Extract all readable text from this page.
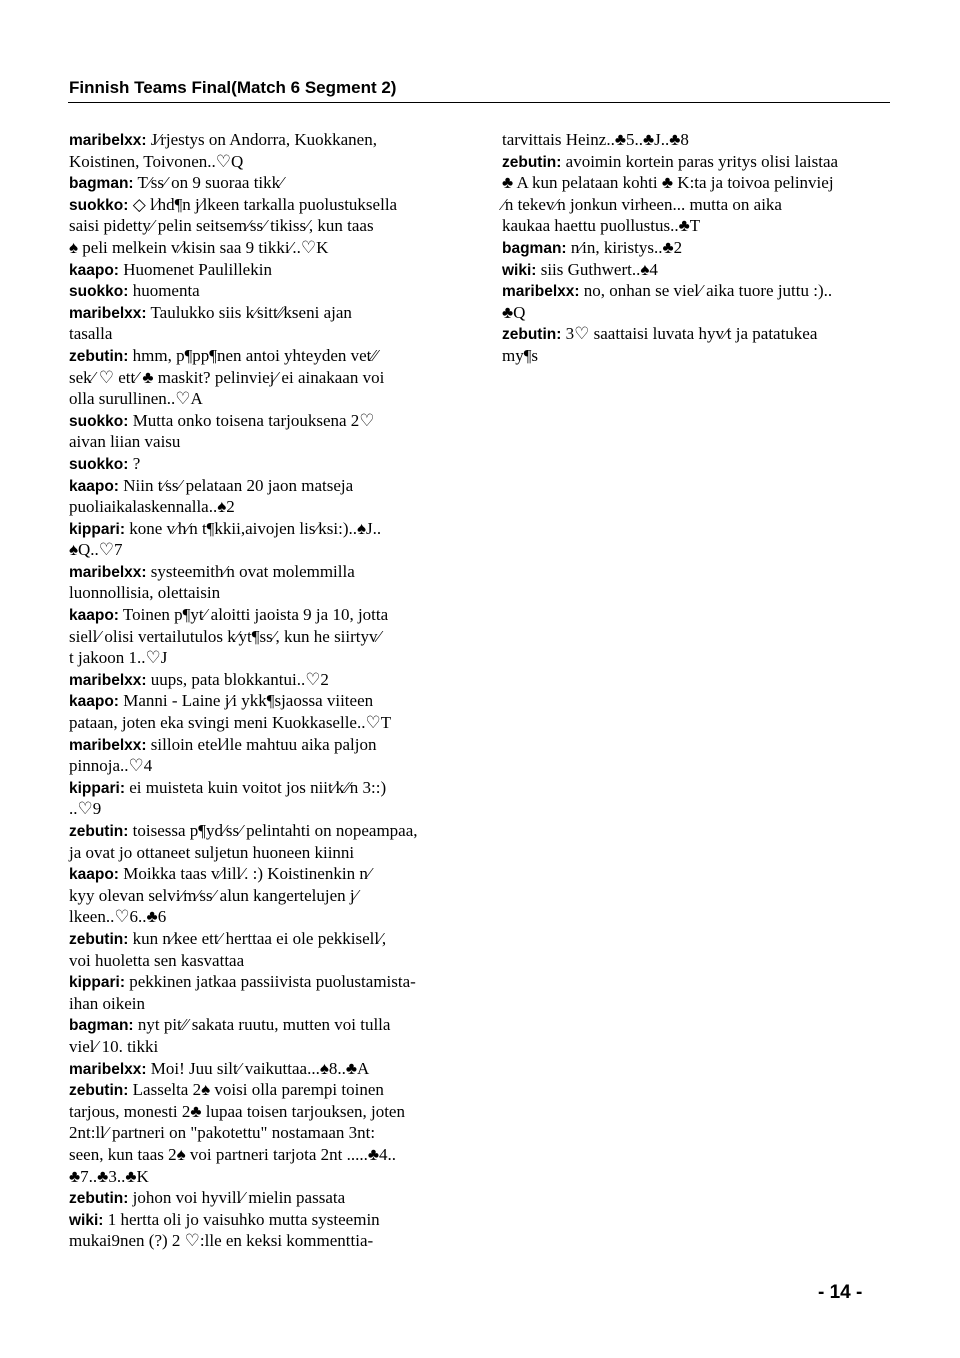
Finnish Teams Final(Match 6 Segment 2)
maribelxx: J⁄rjestys on Andorra, Kuokkanen,
Koistinen, Toivonen..♡Q
bagman: T⁄ss⁄ on 9 suoraa tikk⁄
suokko: ◇ l⁄hd¶n j⁄lkeen tarkalla puolustuksella
saisi pidetty⁄ pelin seitsem⁄ss⁄ tikiss⁄, kun taas
♠ peli melkein v⁄kisin saa 9 tikki⁄..♡K
kaapo: Huomenet Paulillekin
suokko: huomenta
maribelxx: Taulukko siis k⁄sitt⁄⁄kseni ajan
tasalla
zebutin: hmm, p¶pp¶nen antoi yhteyden vet⁄⁄
sek⁄ ♡ ett⁄ ♣ maskit? pelinviej⁄ ei ainakaan voi
olla surullinen..♡A
suokko: Mutta onko toisena tarjouksena 2♡
aivan liian vaisu
suokko: ?
kaapo: Niin t⁄ss⁄ pelataan 20 jaon matseja
puoliaikalaskennalla..♠2
kippari: kone v⁄h⁄n t¶kkii,aivojen lis⁄ksi:)..♠J..
♠Q..♡7
maribelxx: systeemith⁄n ovat molemmilla
luonnollisia, olettaisin
kaapo: Toinen p¶yt⁄ aloitti jaoista 9 ja 10, jotta
siell⁄ olisi vertailutulos k⁄yt¶ss⁄, kun he siirtyv⁄
t jakoon 1..♡J
maribelxx: uups, pata blokkantui..♡2
kaapo: Manni - Laine j⁄i ykk¶sjaossa viiteen
pataan, joten eka svingi meni Kuokkaselle..♡T
maribelxx: silloin etel⁄lle mahtuu aika paljon
pinnoja..♡4
kippari: ei muisteta kuin voitot jos niit⁄k⁄⁄n 3::)
..♡9
zebutin: toisessa p¶yd⁄ss⁄ pelintahti on nopeampaa,
ja ovat jo ottaneet suljetun huoneen kiinni
kaapo: Moikka taas v⁄lill⁄. :) Koistinenkin n⁄
kyy olevan selvi⁄m⁄ss⁄ alun kangertelujen j⁄
lkeen..♡6..♣6
zebutin: kun n⁄kee ett⁄ herttaa ei ole pekkisell⁄,
voi huoletta sen kasvattaa
kippari: pekkinen jatkaa passiivista puolustamista-
ihan oikein
bagman: nyt pit⁄⁄ sakata ruutu, mutten voi tulla
viel⁄ 10. tikki
maribelxx: Moi! Juu silt⁄ vaikuttaa...♠8..♣A
zebutin: Lasselta 2♠ voisi olla parempi toinen
tarjous, monesti 2♣ lupaa toisen tarjouksen, joten
2nt:ll⁄ partneri on "pakotettu" nostamaan 3nt:
seen, kun taas 2♠ voi partneri tarjota 2nt .....♣4..
♣7..♣3..♣K
zebutin: johon voi hyvill⁄ mielin passata
wiki: 1 hertta oli jo vaisuhko mutta systeemin
mukai9nen (?) 2 ♡:lle en keksi kommenttia-
tarvittais Heinz..♣5..♣J..♣8
zebutin: avoimin kortein paras yritys olisi laistaa
♣ A kun pelataan kohti ♣ K:ta ja toivoa pelinviej
⁄n tekev⁄n jonkun virheen... mutta on aika
kaukaa haettu puollustus..♣T
bagman: n⁄in, kiristys..♣2
wiki: siis Guthwert..♠4
maribelxx: no, onhan se viel⁄ aika tuore juttu :)..
♣Q
zebutin: 3♡ saattaisi luvata hyv⁄t ja patatukea
my¶s
- 14 -
